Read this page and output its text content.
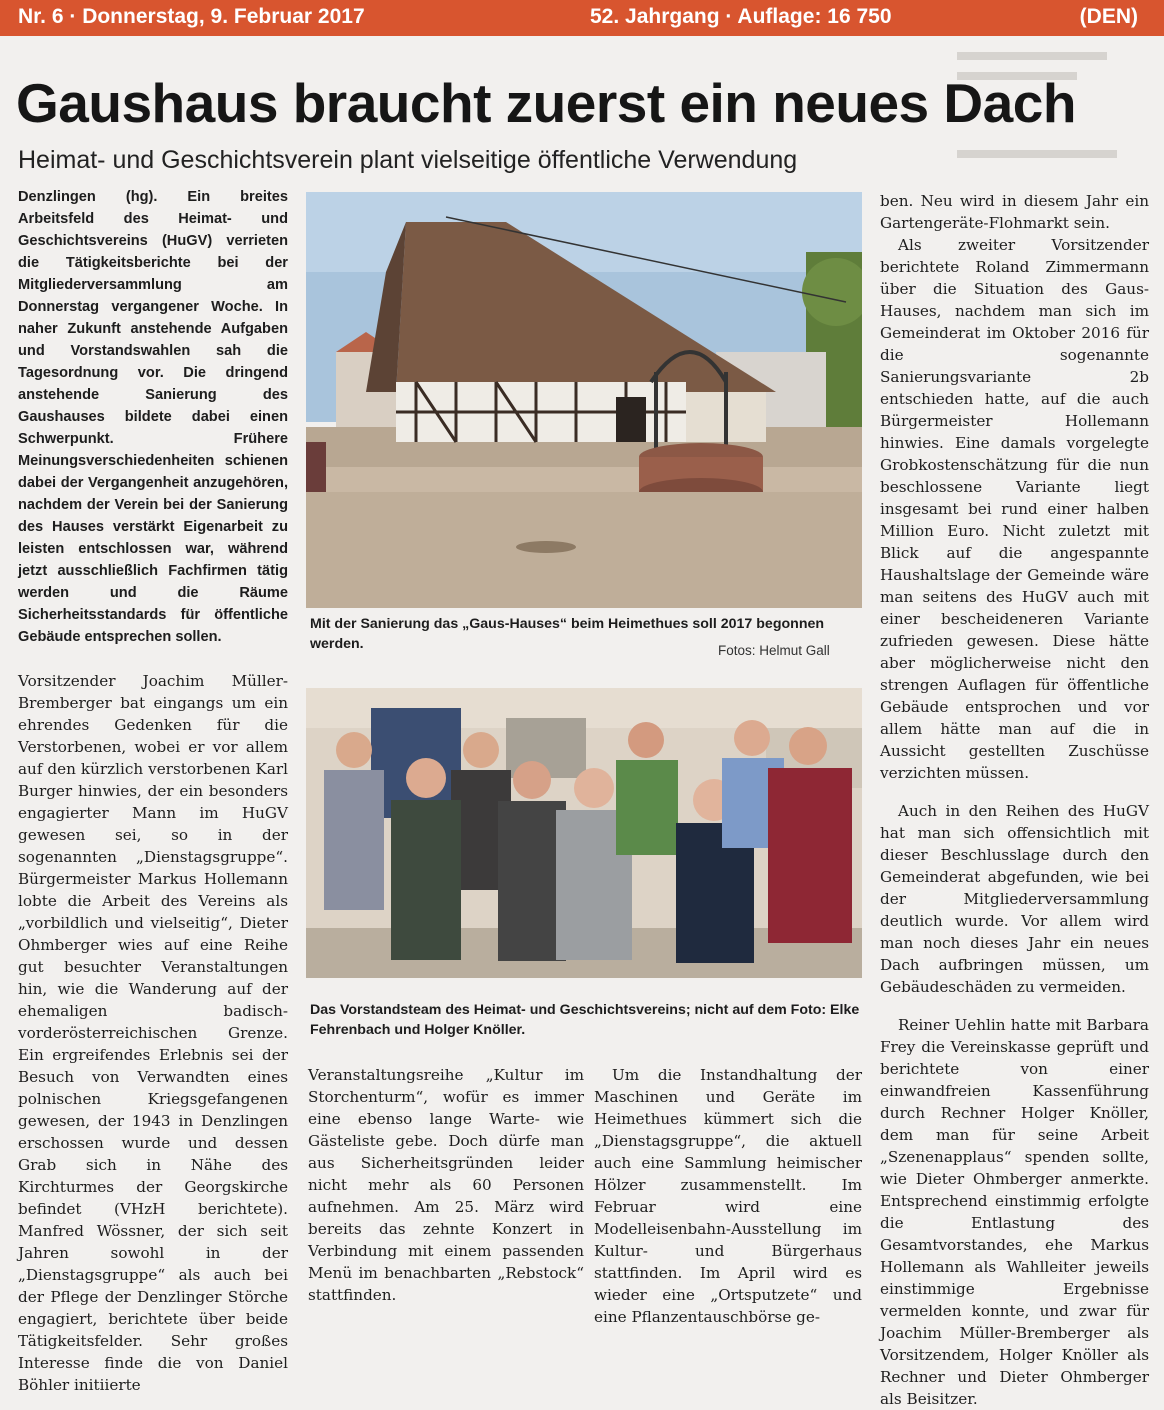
Nr. 6 · Donnerstag, 9. Februar 2017	52. Jahrgang · Auflage: 16 750	(DEN)
Gaushaus braucht zuerst ein neues Dach
Heimat- und Geschichtsverein plant vielseitige öffentliche Verwendung

Denzlingen (hg). Ein breites Arbeitsfeld des Heimat- und Geschichtsvereins (HuGV) verrieten die Tätigkeitsberichte bei der Mitgliederversammlung am Donnerstag vergangener Woche. In naher Zukunft anstehende Aufgaben und Vorstandswahlen sah die Tagesordnung vor. Die dringend anstehende Sanierung des Gaushauses bildete dabei einen Schwerpunkt. Frühere Meinungsverschiedenheiten schienen dabei der Vergangenheit anzugehören, nachdem der Verein bei der Sanierung des Hauses verstärkt Eigenarbeit zu leisten entschlossen war, während jetzt ausschließlich Fachfirmen tätig werden und die Räume Sicherheitsstandards für öffentliche Gebäude entsprechen sollen.

Vorsitzender Joachim Müller-Bremberger bat eingangs um ein ehrendes Gedenken für die Verstorbenen, wobei er vor allem auf den kürzlich verstorbenen Karl Burger hinwies, der ein besonders engagierter Mann im HuGV gewesen sei, so in der sogenannten „Dienstagsgruppe“. Bürgermeister Markus Hollemann lobte die Arbeit des Vereins als „vorbildlich und vielseitig“, Dieter Ohmberger wies auf eine Reihe gut besuchter Veranstaltungen hin, wie die Wanderung auf der ehemaligen badisch-vorderösterreichischen Grenze. Ein ergreifendes Erlebnis sei der Besuch von Verwandten eines polnischen Kriegsgefangenen gewesen, der 1943 in Denzlingen erschossen wurde und dessen Grab sich in Nähe des Kirchturmes der Georgskirche befindet (VHzH berichtete). Manfred Wössner, der sich seit Jahren sowohl in der „Dienstagsgruppe“ als auch bei der Pflege der Denzlinger Störche engagiert, berichtete über beide Tätigkeitsfelder. Sehr großes Interesse finde die von Daniel Böhler initiierte

Mit der Sanierung das „Gaus-Hauses“ beim Heimethues soll 2017 begonnen werden.	Fotos: Helmut Gall
Das Vorstandsteam des Heimat- und Geschichtsvereins; nicht auf dem Foto: Elke Fehrenbach und Holger Knöller.

Veranstaltungsreihe „Kultur im Storchenturm“, wofür es immer eine ebenso lange Warte- wie Gästeliste gebe. Doch dürfe man aus Sicherheitsgründen leider nicht mehr als 60 Personen aufnehmen. Am 25. März wird bereits das zehnte Konzert in Verbindung mit einem passenden Menü im benachbarten „Rebstock“ stattfinden.

Um die Instandhaltung der Maschinen und Geräte im Heimethues kümmert sich die „Dienstagsgruppe“, die aktuell auch eine Sammlung heimischer Hölzer zusammenstellt. Im Februar wird eine Modelleisenbahn-Ausstellung im Kultur- und Bürgerhaus stattfinden. Im April wird es wieder eine „Ortsputzete“ und eine Pflanzentauschbörse ge-

ben. Neu wird in diesem Jahr ein Gartengeräte-Flohmarkt sein.

Als zweiter Vorsitzender berichtete Roland Zimmermann über die Situation des Gaus-Hauses, nachdem man sich im Gemeinderat im Oktober 2016 für die sogenannte Sanierungsvariante 2b entschieden hatte, auf die auch Bürgermeister Hollemann hinwies. Eine damals vorgelegte Grobkostenschätzung für die nun beschlossene Variante liegt insgesamt bei rund einer halben Million Euro. Nicht zuletzt mit Blick auf die angespannte Haushaltslage der Gemeinde wäre man seitens des HuGV auch mit einer bescheideneren Variante zufrieden gewesen. Diese hätte aber möglicherweise nicht den strengen Auflagen für öffentliche Gebäude entsprochen und vor allem hätte man auf die in Aussicht gestellten Zuschüsse verzichten müssen.

Auch in den Reihen des HuGV hat man sich offensichtlich mit dieser Beschlusslage durch den Gemeinderat abgefunden, wie bei der Mitgliederversammlung deutlich wurde. Vor allem wird man noch dieses Jahr ein neues Dach aufbringen müssen, um Gebäudeschäden zu vermeiden.

Reiner Uehlin hatte mit Barbara Frey die Vereinskasse geprüft und berichtete von einer einwandfreien Kassenführung durch Rechner Holger Knöller, dem man für seine Arbeit „Szenenapplaus“ spenden sollte, wie Dieter Ohmberger anmerkte. Entsprechend einstimmig erfolgte die Entlastung des Gesamtvorstandes, ehe Markus Hollemann als Wahlleiter jeweils einstimmige Ergebnisse vermelden konnte, und zwar für Joachim Müller-Bremberger als Vorsitzendem, Holger Knöller als Rechner und Dieter Ohmberger als Beisitzer.
